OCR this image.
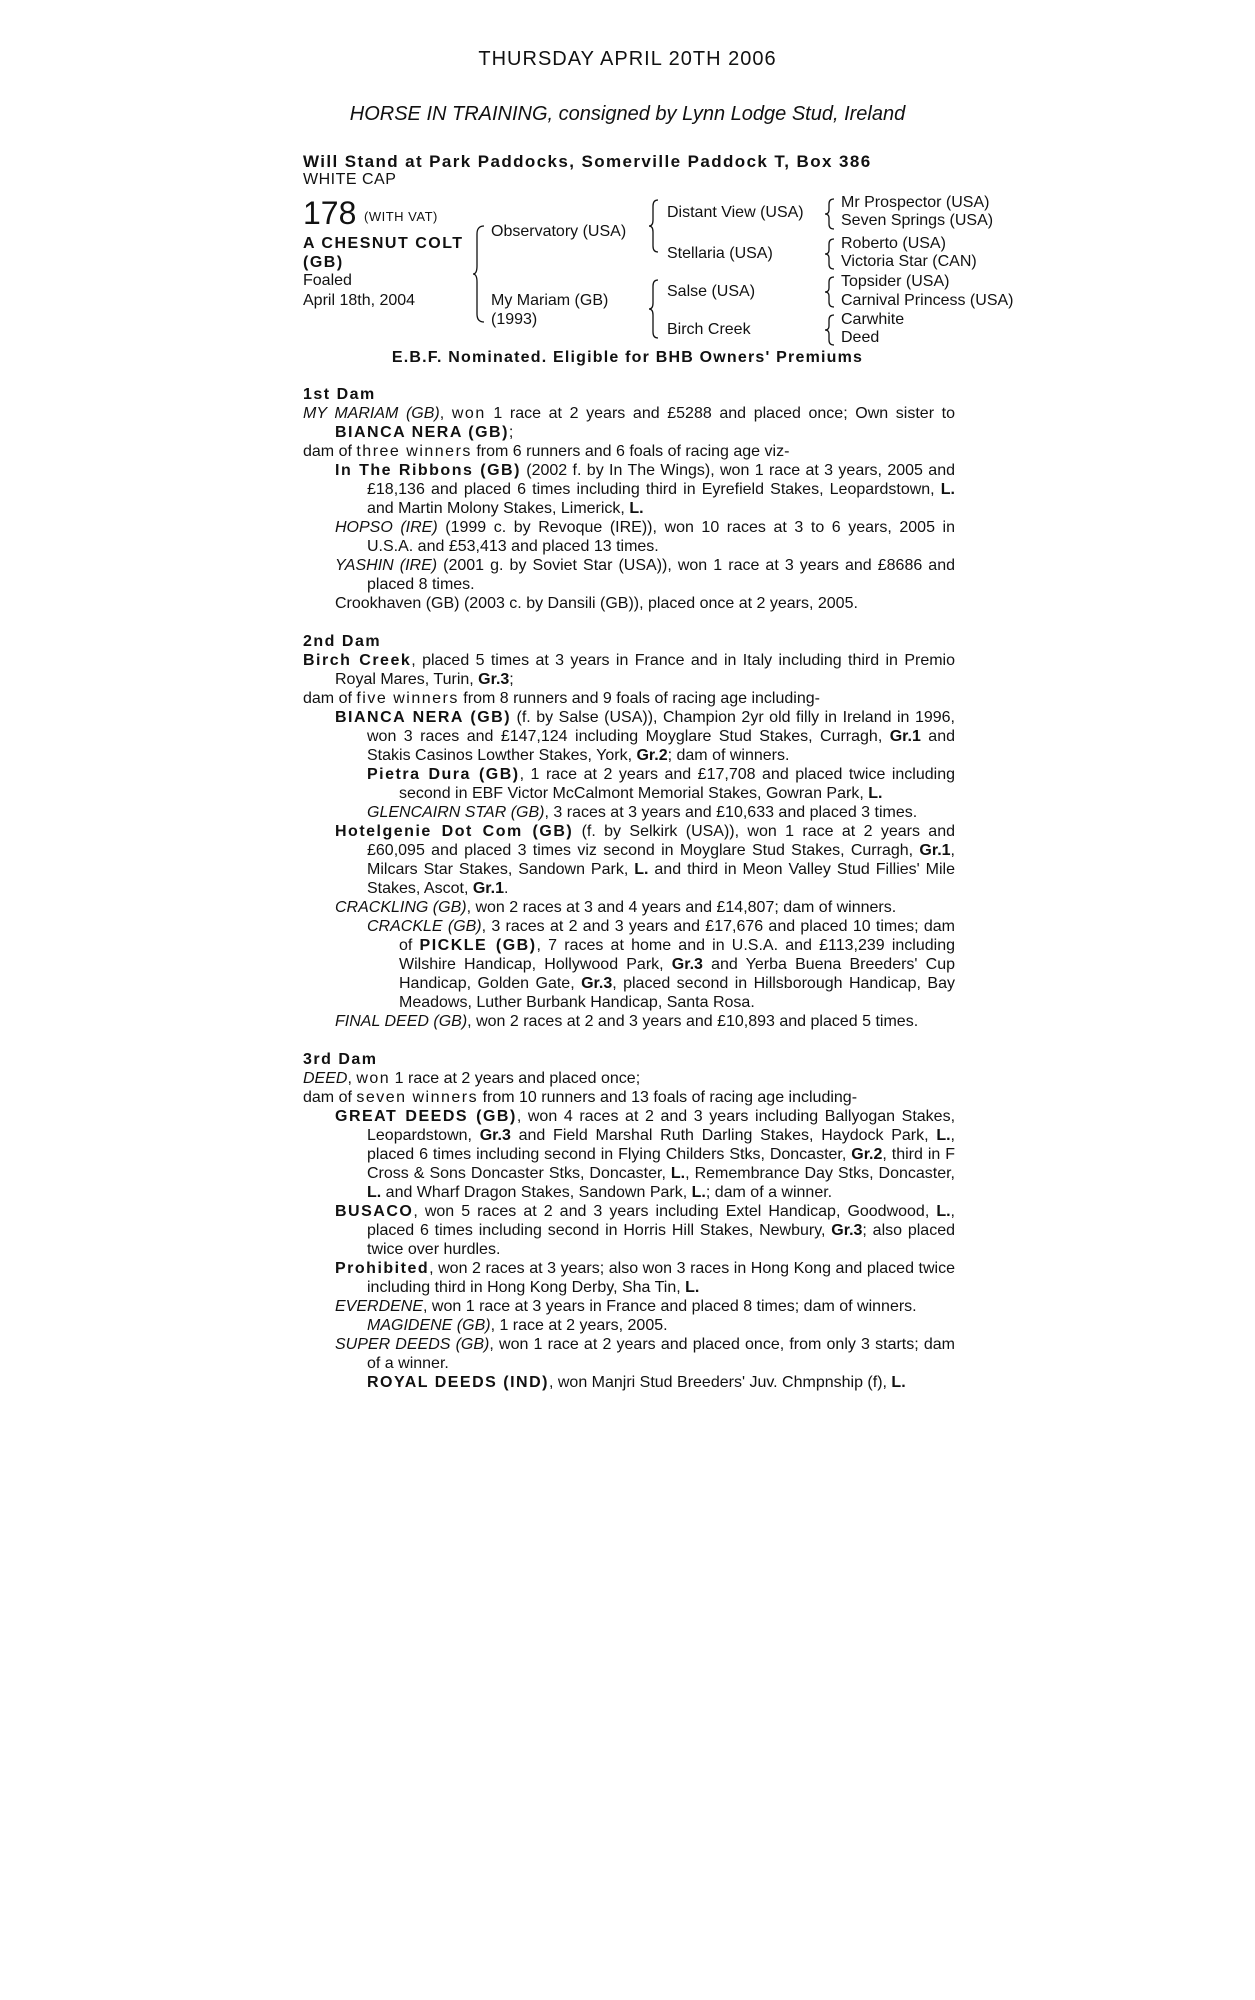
THURSDAY APRIL 20TH 2006
HORSE IN TRAINING, consigned by Lynn Lodge Stud, Ireland
Will Stand at Park Paddocks, Somerville Paddock T, Box 386
WHITE CAP
178 (WITH VAT)
A CHESNUT COLT
(GB)
Foaled
April 18th, 2004
Observatory (USA)
My Mariam (GB)
(1993)
Distant View (USA)
Stellaria (USA)
Salse (USA)
Birch Creek
Mr Prospector (USA)
Seven Springs (USA)
Roberto (USA)
Victoria Star (CAN)
Topsider (USA)
Carnival Princess (USA)
Carwhite
Deed
E.B.F. Nominated. Eligible for BHB Owners' Premiums
1st Dam

MY MARIAM (GB), won 1 race at 2 years and £5288 and placed once; Own sister to BIANCA NERA (GB);

dam of three winners from 6 runners and 6 foals of racing age viz-

In The Ribbons (GB) (2002 f. by In The Wings), won 1 race at 3 years, 2005 and £18,136 and placed 6 times including third in Eyrefield Stakes, Leopardstown, L. and Martin Molony Stakes, Limerick, L.

HOPSO (IRE) (1999 c. by Revoque (IRE)), won 10 races at 3 to 6 years, 2005 in U.S.A. and £53,413 and placed 13 times.

YASHIN (IRE) (2001 g. by Soviet Star (USA)), won 1 race at 3 years and £8686 and placed 8 times.

Crookhaven (GB) (2003 c. by Dansili (GB)), placed once at 2 years, 2005.

2nd Dam

Birch Creek, placed 5 times at 3 years in France and in Italy including third in Premio Royal Mares, Turin, Gr.3;

dam of five winners from 8 runners and 9 foals of racing age including-

BIANCA NERA (GB) (f. by Salse (USA)), Champion 2yr old filly in Ireland in 1996, won 3 races and £147,124 including Moyglare Stud Stakes, Curragh, Gr.1 and Stakis Casinos Lowther Stakes, York, Gr.2; dam of winners.

Pietra Dura (GB), 1 race at 2 years and £17,708 and placed twice including second in EBF Victor McCalmont Memorial Stakes, Gowran Park, L.

GLENCAIRN STAR (GB), 3 races at 3 years and £10,633 and placed 3 times.

Hotelgenie Dot Com (GB) (f. by Selkirk (USA)), won 1 race at 2 years and £60,095 and placed 3 times viz second in Moyglare Stud Stakes, Curragh, Gr.1, Milcars Star Stakes, Sandown Park, L. and third in Meon Valley Stud Fillies' Mile Stakes, Ascot, Gr.1.

CRACKLING (GB), won 2 races at 3 and 4 years and £14,807; dam of winners.

CRACKLE (GB), 3 races at 2 and 3 years and £17,676 and placed 10 times; dam of PICKLE (GB), 7 races at home and in U.S.A. and £113,239 including Wilshire Handicap, Hollywood Park, Gr.3 and Yerba Buena Breeders' Cup Handicap, Golden Gate, Gr.3, placed second in Hillsborough Handicap, Bay Meadows, Luther Burbank Handicap, Santa Rosa.

FINAL DEED (GB), won 2 races at 2 and 3 years and £10,893 and placed 5 times.

3rd Dam

DEED, won 1 race at 2 years and placed once;

dam of seven winners from 10 runners and 13 foals of racing age including-

GREAT DEEDS (GB), won 4 races at 2 and 3 years including Ballyogan Stakes, Leopardstown, Gr.3 and Field Marshal Ruth Darling Stakes, Haydock Park, L., placed 6 times including second in Flying Childers Stks, Doncaster, Gr.2, third in F Cross & Sons Doncaster Stks, Doncaster, L., Remembrance Day Stks, Doncaster, L. and Wharf Dragon Stakes, Sandown Park, L.; dam of a winner.

BUSACO, won 5 races at 2 and 3 years including Extel Handicap, Goodwood, L., placed 6 times including second in Horris Hill Stakes, Newbury, Gr.3; also placed twice over hurdles.

Prohibited, won 2 races at 3 years; also won 3 races in Hong Kong and placed twice including third in Hong Kong Derby, Sha Tin, L.

EVERDENE, won 1 race at 3 years in France and placed 8 times; dam of winners.

MAGIDENE (GB), 1 race at 2 years, 2005.

SUPER DEEDS (GB), won 1 race at 2 years and placed once, from only 3 starts; dam of a winner.

ROYAL DEEDS (IND), won Manjri Stud Breeders' Juv. Chmpnship (f), L.
